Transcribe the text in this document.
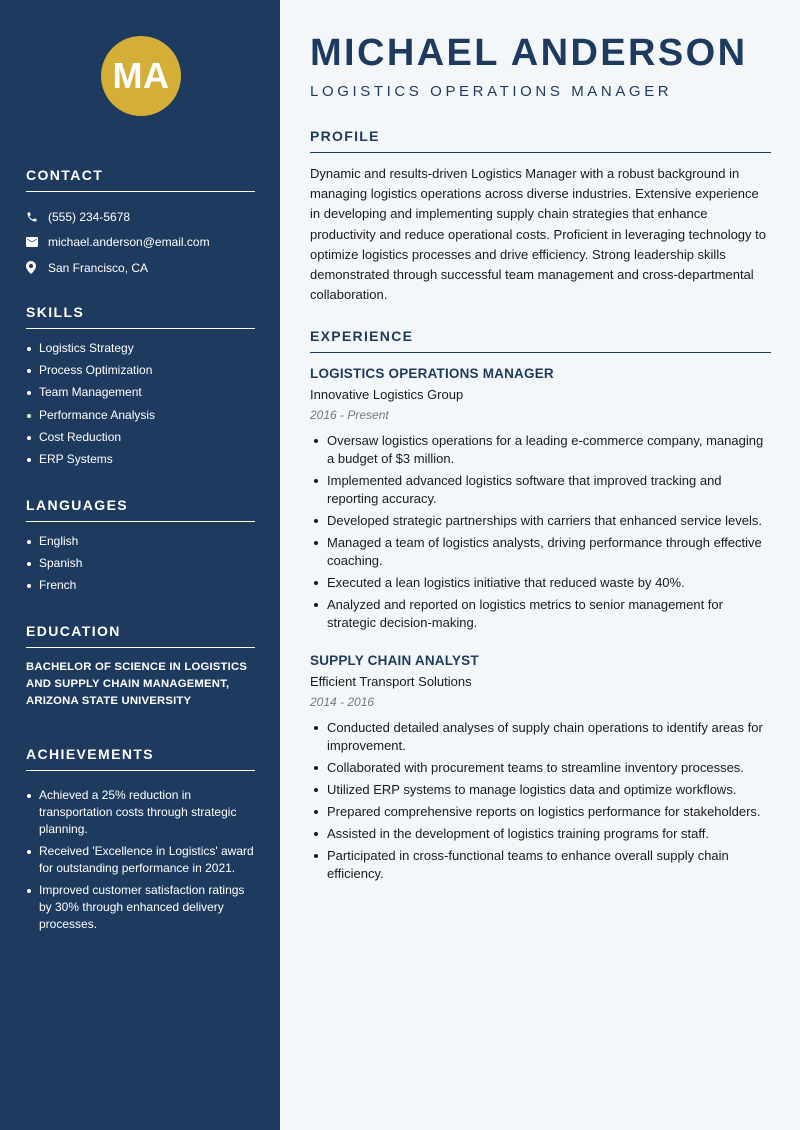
MA
CONTACT
(555) 234-5678
michael.anderson@email.com
San Francisco, CA
SKILLS
Logistics Strategy
Process Optimization
Team Management
Performance Analysis
Cost Reduction
ERP Systems
LANGUAGES
English
Spanish
French
EDUCATION

BACHELOR OF SCIENCE IN LOGISTICS AND SUPPLY CHAIN MANAGEMENT, ARIZONA STATE UNIVERSITY

ACHIEVEMENTS
Achieved a 25% reduction in transportation costs through strategic planning.
Received 'Excellence in Logistics' award for outstanding performance in 2021.
Improved customer satisfaction ratings by 30% through enhanced delivery processes.
MICHAEL ANDERSON
LOGISTICS OPERATIONS MANAGER
PROFILE

Dynamic and results-driven Logistics Manager with a robust background in managing logistics operations across diverse industries. Extensive experience in developing and implementing supply chain strategies that enhance productivity and reduce operational costs. Proficient in leveraging technology to optimize logistics processes and drive efficiency. Strong leadership skills demonstrated through successful team management and cross-departmental collaboration.

EXPERIENCE
LOGISTICS OPERATIONS MANAGER
Innovative Logistics Group
2016 - Present
Oversaw logistics operations for a leading e-commerce company, managing a budget of $3 million.
Implemented advanced logistics software that improved tracking and reporting accuracy.
Developed strategic partnerships with carriers that enhanced service levels.
Managed a team of logistics analysts, driving performance through effective coaching.
Executed a lean logistics initiative that reduced waste by 40%.
Analyzed and reported on logistics metrics to senior management for strategic decision-making.
SUPPLY CHAIN ANALYST
Efficient Transport Solutions
2014 - 2016
Conducted detailed analyses of supply chain operations to identify areas for improvement.
Collaborated with procurement teams to streamline inventory processes.
Utilized ERP systems to manage logistics data and optimize workflows.
Prepared comprehensive reports on logistics performance for stakeholders.
Assisted in the development of logistics training programs for staff.
Participated in cross-functional teams to enhance overall supply chain efficiency.
